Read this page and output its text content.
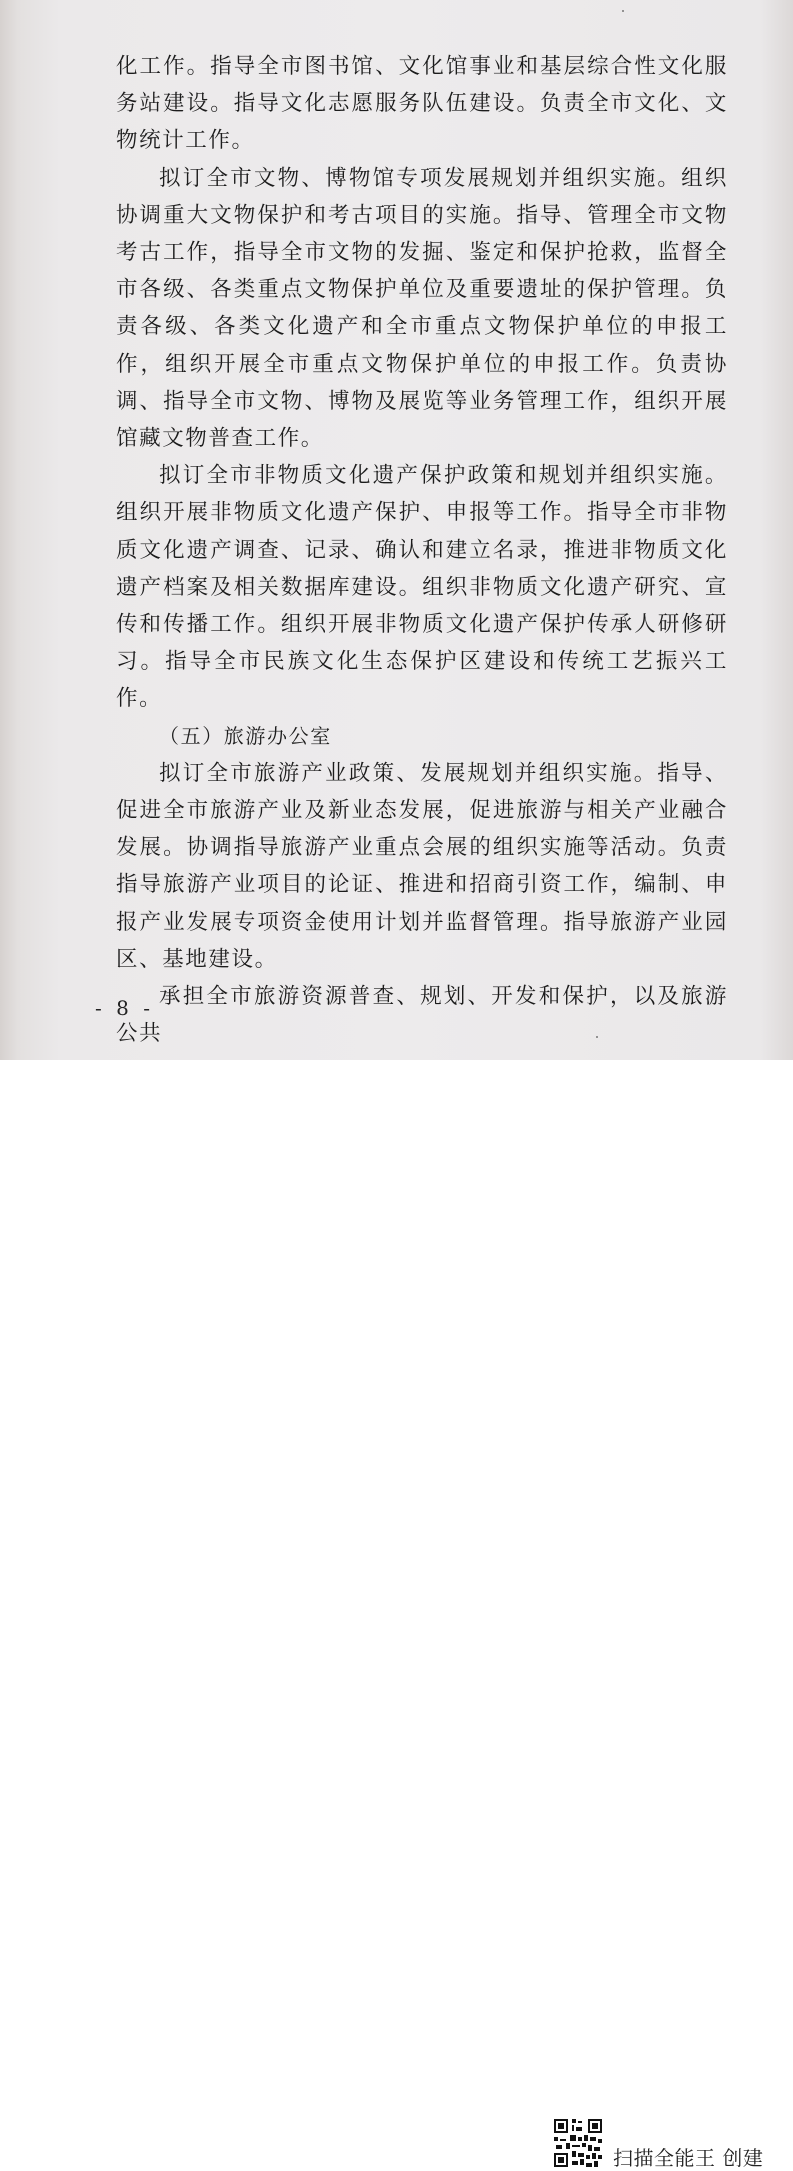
化工作。指导全市图书馆、文化馆事业和基层综合性文化服务站建设。指导文化志愿服务队伍建设。负责全市文化、文物统计工作。

拟订全市文物、博物馆专项发展规划并组织实施。组织协调重大文物保护和考古项目的实施。指导、管理全市文物考古工作，指导全市文物的发掘、鉴定和保护抢救，监督全市各级、各类重点文物保护单位及重要遗址的保护管理。负责各级、各类文化遗产和全市重点文物保护单位的申报工作，组织开展全市重点文物保护单位的申报工作。负责协调、指导全市文物、博物及展览等业务管理工作，组织开展馆藏文物普查工作。

拟订全市非物质文化遗产保护政策和规划并组织实施。组织开展非物质文化遗产保护、申报等工作。指导全市非物质文化遗产调查、记录、确认和建立名录，推进非物质文化遗产档案及相关数据库建设。组织非物质文化遗产研究、宣传和传播工作。组织开展非物质文化遗产保护传承人研修研习。指导全市民族文化生态保护区建设和传统工艺振兴工作。

（五）旅游办公室

拟订全市旅游产业政策、发展规划并组织实施。指导、促进全市旅游产业及新业态发展，促进旅游与相关产业融合发展。协调指导旅游产业重点会展的组织实施等活动。负责指导旅游产业项目的论证、推进和招商引资工作，编制、申报产业发展专项资金使用计划并监督管理。指导旅游产业园区、基地建设。

承担全市旅游资源普查、规划、开发和保护，以及旅游公共

- 8 -
扫描全能王 创建
